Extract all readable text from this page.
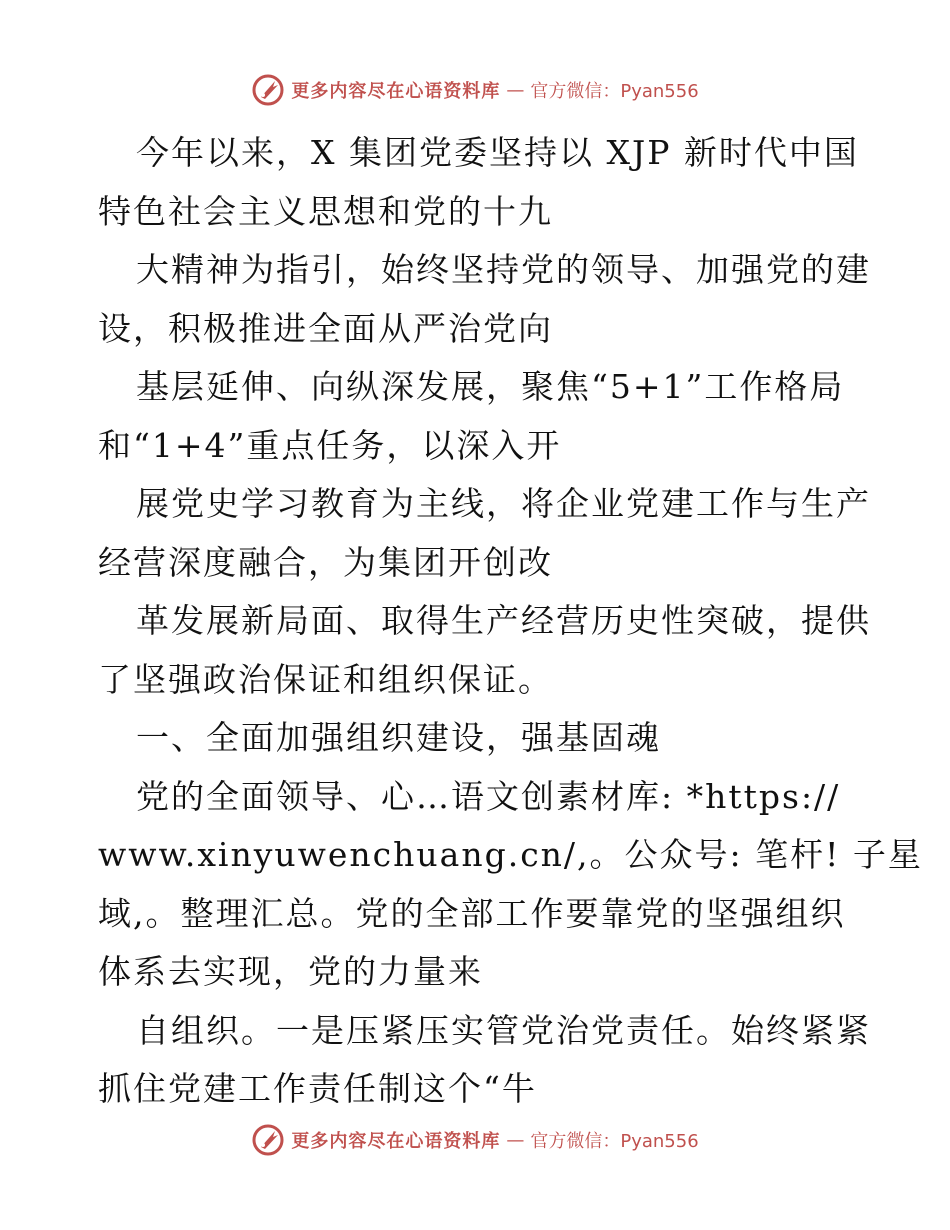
更多内容尽在心语资料库 — 官方微信：Pyan556
今年以来，X 集团党委坚持以 XJP 新时代中国
特色社会主义思想和党的十九
大精神为指引，始终坚持党的领导、加强党的建
设，积极推进全面从严治党向
基层延伸、向纵深发展，聚焦“5+1”工作格局
和“1+4”重点任务，以深入开
展党史学习教育为主线，将企业党建工作与生产
经营深度融合，为集团开创改
革发展新局面、取得生产经营历史性突破，提供
了坚强政治保证和组织保证。
一、全面加强组织建设，强基固魂
党的全面领导、心…语文创素材库: *https://
www.xinyuwenchuang.cn/,。公众号: 笔杆! 子星
域,。整理汇总。党的全部工作要靠党的坚强组织
体系去实现，党的力量来
自组织。一是压紧压实管党治党责任。始终紧紧
抓住党建工作责任制这个“牛
更多内容尽在心语资料库 — 官方微信：Pyan556
